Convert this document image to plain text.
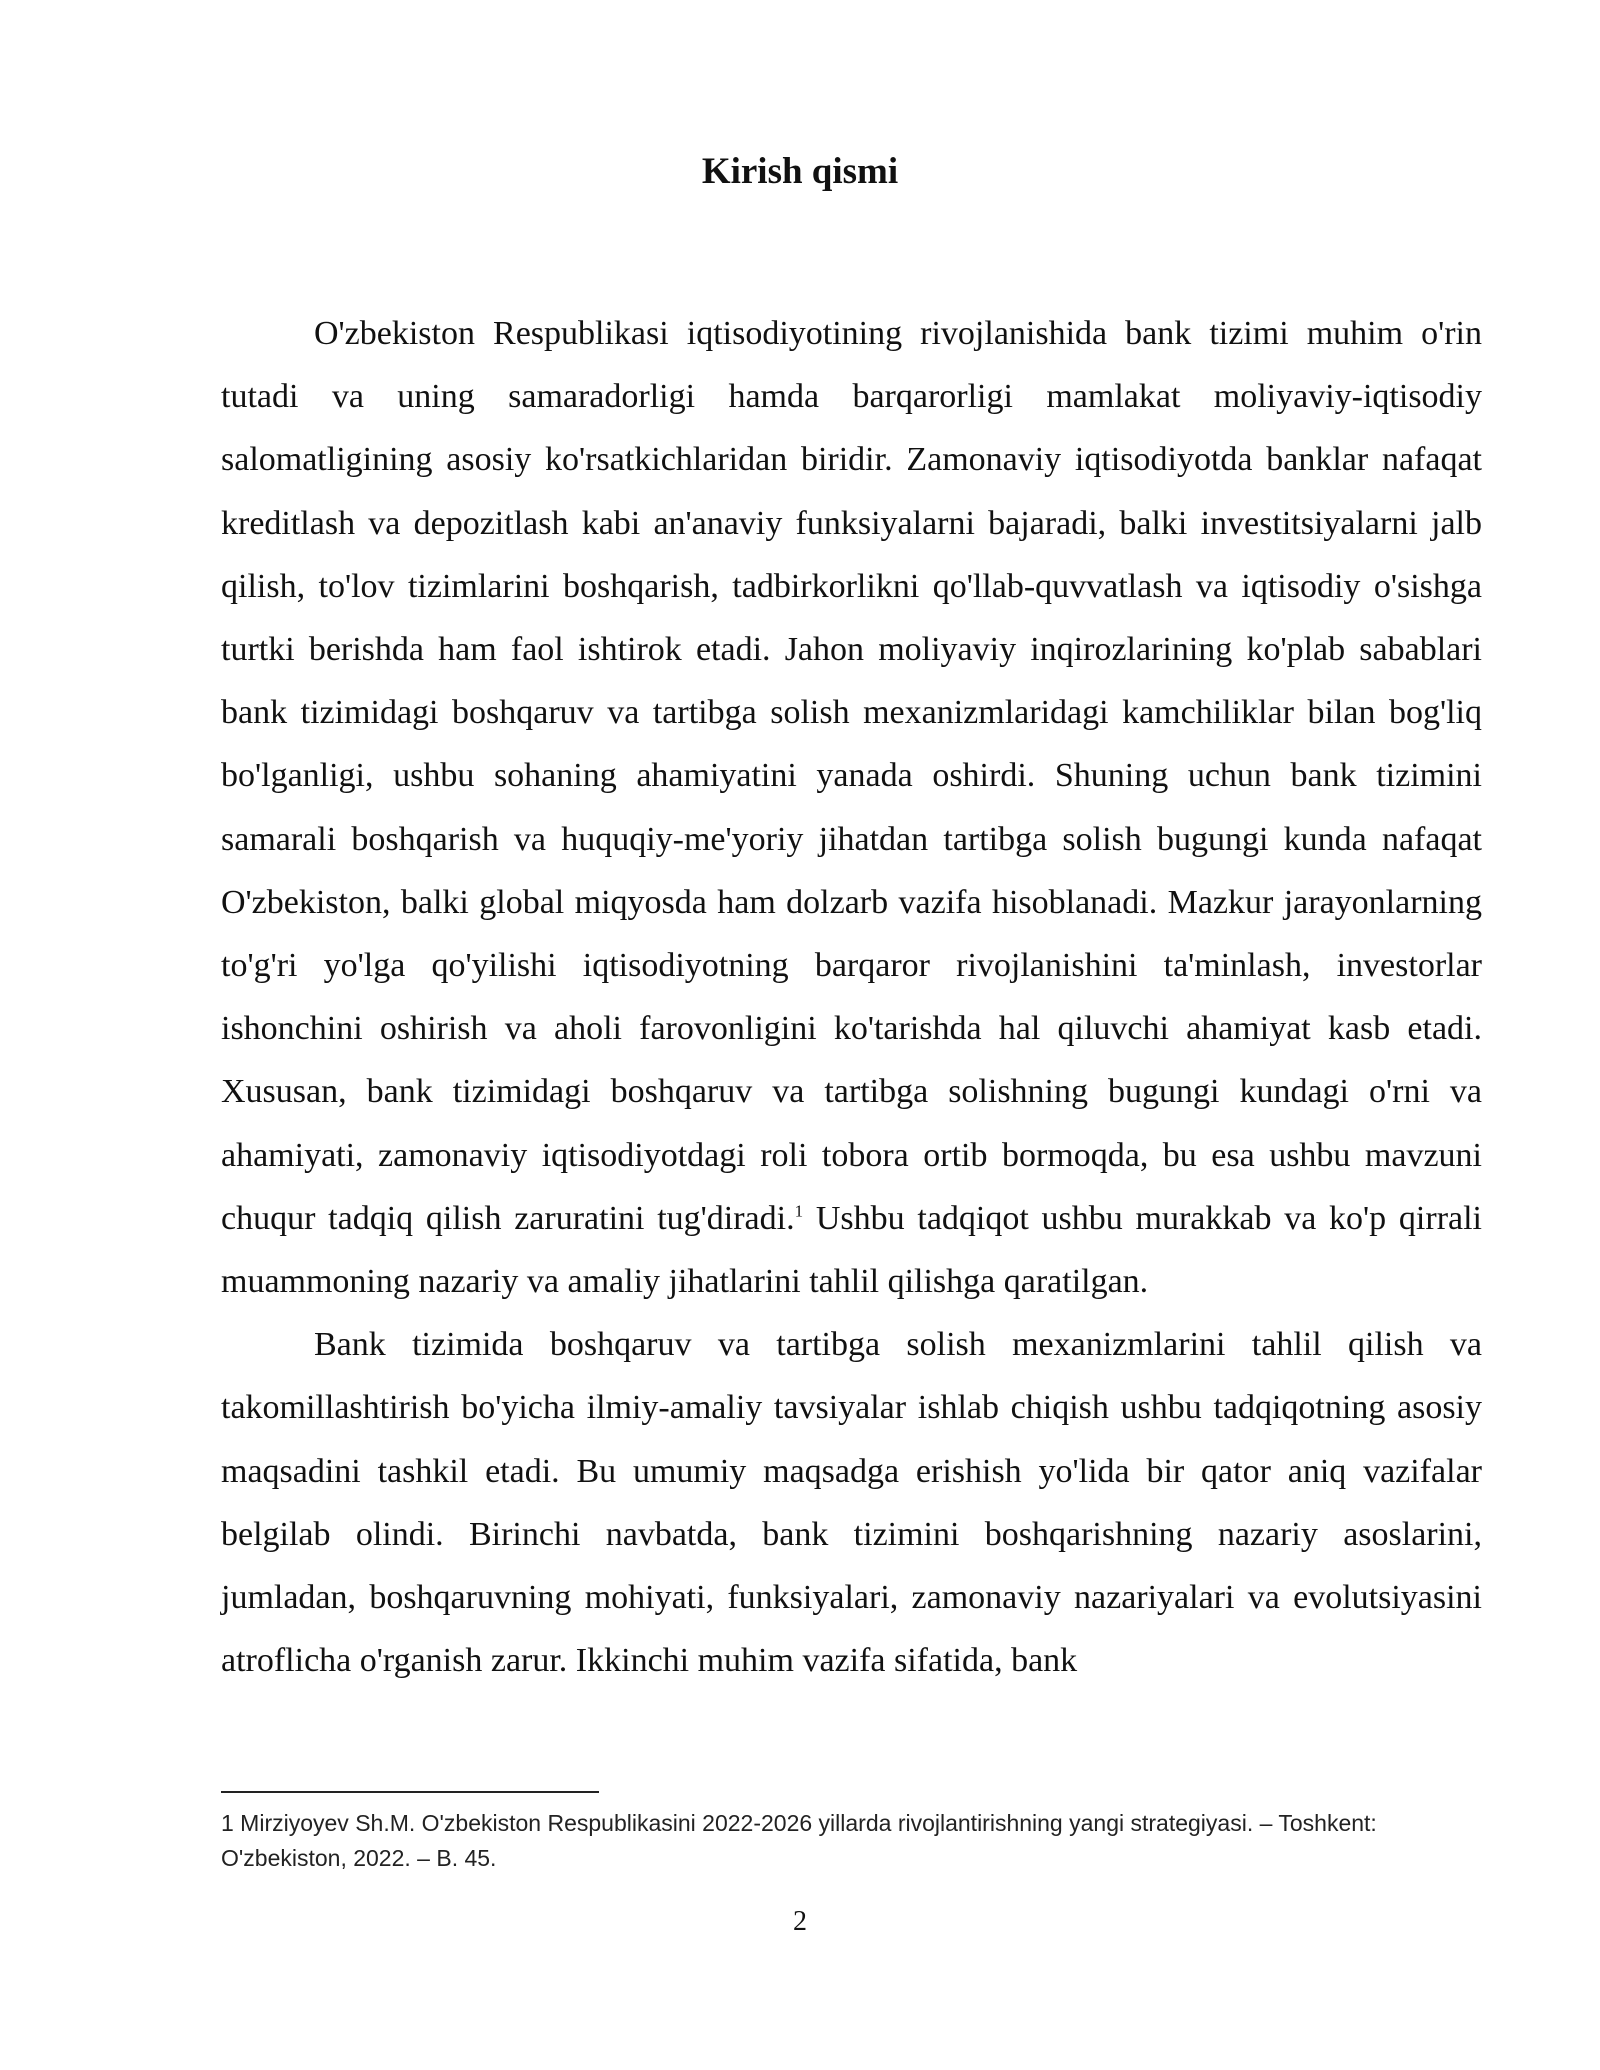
Kirish qismi

O'zbekiston Respublikasi iqtisodiyotining rivojlanishida bank tizimi muhim o'rin tutadi va uning samaradorligi hamda barqarorligi mamlakat moliyaviy-iqtisodiy salomatligining asosiy ko'rsatkichlaridan biridir. Zamonaviy iqtisodiyotda banklar nafaqat kreditlash va depozitlash kabi an'anaviy funksiyalarni bajaradi, balki investitsiyalarni jalb qilish, to'lov tizimlarini boshqarish, tadbirkorlikni qo'llab-quvvatlash va iqtisodiy o'sishga turtki berishda ham faol ishtirok etadi. Jahon moliyaviy inqirozlarining ko'plab sabablari bank tizimidagi boshqaruv va tartibga solish mexanizmlaridagi kamchiliklar bilan bog'liq bo'lganligi, ushbu sohaning ahamiyatini yanada oshirdi. Shuning uchun bank tizimini samarali boshqarish va huquqiy-me'yoriy jihatdan tartibga solish bugungi kunda nafaqat O'zbekiston, balki global miqyosda ham dolzarb vazifa hisoblanadi. Mazkur jarayonlarning to'g'ri yo'lga qo'yilishi iqtisodiyotning barqaror rivojlanishini ta'minlash, investorlar ishonchini oshirish va aholi farovonligini ko'tarishda hal qiluvchi ahamiyat kasb etadi. Xususan, bank tizimidagi boshqaruv va tartibga solishning bugungi kundagi o'rni va ahamiyati, zamonaviy iqtisodiyotdagi roli tobora ortib bormoqda, bu esa ushbu mavzuni chuqur tadqiq qilish zaruratini tug'diradi.$^1$ Ushbu tadqiqot ushbu murakkab va ko'p qirrali muammoning nazariy va amaliy jihatlarini tahlil qilishga qaratilgan.

Bank tizimida boshqaruv va tartibga solish mexanizmlarini tahlil qilish va takomillashtirish bo'yicha ilmiy-amaliy tavsiyalar ishlab chiqish ushbu tadqiqotning asosiy maqsadini tashkil etadi. Bu umumiy maqsadga erishish yo'lida bir qator aniq vazifalar belgilab olindi. Birinchi navbatda, bank tizimini boshqarishning nazariy asoslarini, jumladan, boshqaruvning mohiyati, funksiyalari, zamonaviy nazariyalari va evolutsiyasini atroflicha o'rganish zarur. Ikkinchi muhim vazifa sifatida, bank

1 Mirziyoyev Sh.M. O'zbekiston Respublikasini 2022-2026 yillarda rivojlantirishning yangi strategiyasi. – Toshkent: O'zbekiston, 2022. – B. 45.

2
